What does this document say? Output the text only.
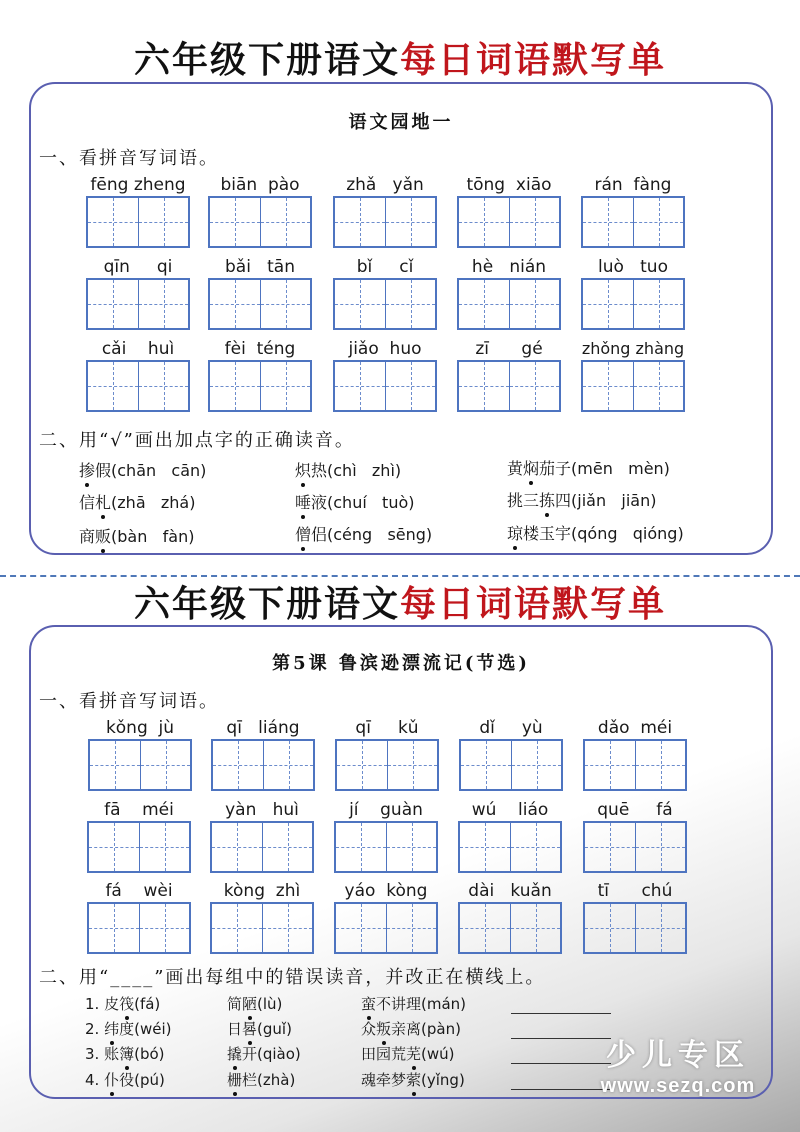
六年级下册语文每日词语默写单
语文园地一
一、看拼音写词语。
fēng zheng	biān  pào	zhǎ   yǎn	tōng  xiāo	rán  fàng
qīn     qi	bǎi   tān	bǐ     cǐ	hè   nián	luò   tuo
cǎi    huì	fèi  téng	jiǎo  huo	zī      gé	zhǒng zhàng
二、用“√”画出加点字的正确读音。
掺假(chān   cān)	炽热(chì   zhì)	黄焖茄子(mēn   mèn)
信札(zhā   zhá)	唾液(chuí   tuò)	挑三拣四(jiǎn   jiān)
商贩(bàn   fàn)	僧侣(céng   sēng)	琼楼玉宇(qóng   qióng)
六年级下册语文每日词语默写单
第5课 鲁滨逊漂流记(节选)
一、看拼音写词语。
kǒng  jù	qī   liáng	qī     kǔ	dǐ     yù	dǎo  méi
fā    méi	yàn   huì	jí    guàn	wú    liáo	quē     fá
fá    wèi	kòng  zhì	yáo  kòng	dài   kuǎn	tī      chú
二、用“____”画出每组中的错误读音，并改正在横线上。
1. 皮筏(fá)	简陋(lù)	蛮不讲理(mán)
2. 纬度(wéi)	日晷(guǐ)	众叛亲离(pàn)
3. 账簿(bó)	撬开(qiào)	田园荒芜(wú)
4. 仆役(pú)	栅栏(zhà)	魂牵梦萦(yǐng)
少儿专区
www.sezq.com
